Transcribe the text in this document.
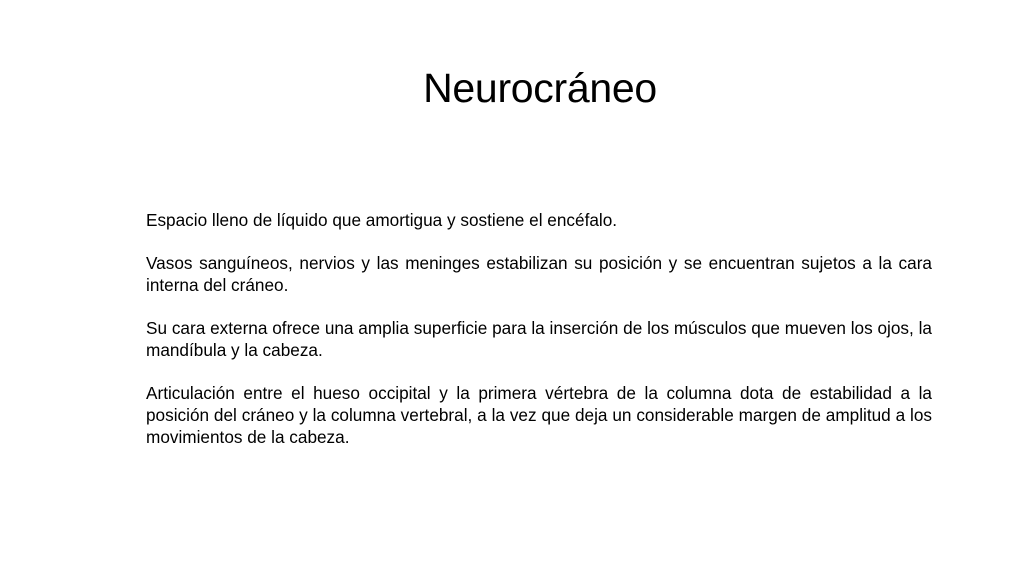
Neurocráneo

Espacio lleno de líquido que amortigua y sostiene el encéfalo.

Vasos sanguíneos, nervios y las meninges estabilizan su posición y se encuentran sujetos a la cara interna del cráneo.

Su cara externa ofrece una amplia superficie para la inserción de los músculos que mueven los ojos, la mandíbula y la cabeza.

Articulación entre el hueso occipital y la primera vértebra de la columna dota de estabilidad a la posición del cráneo y la columna vertebral, a la vez que deja un considerable margen de amplitud a los movimientos de la cabeza.
